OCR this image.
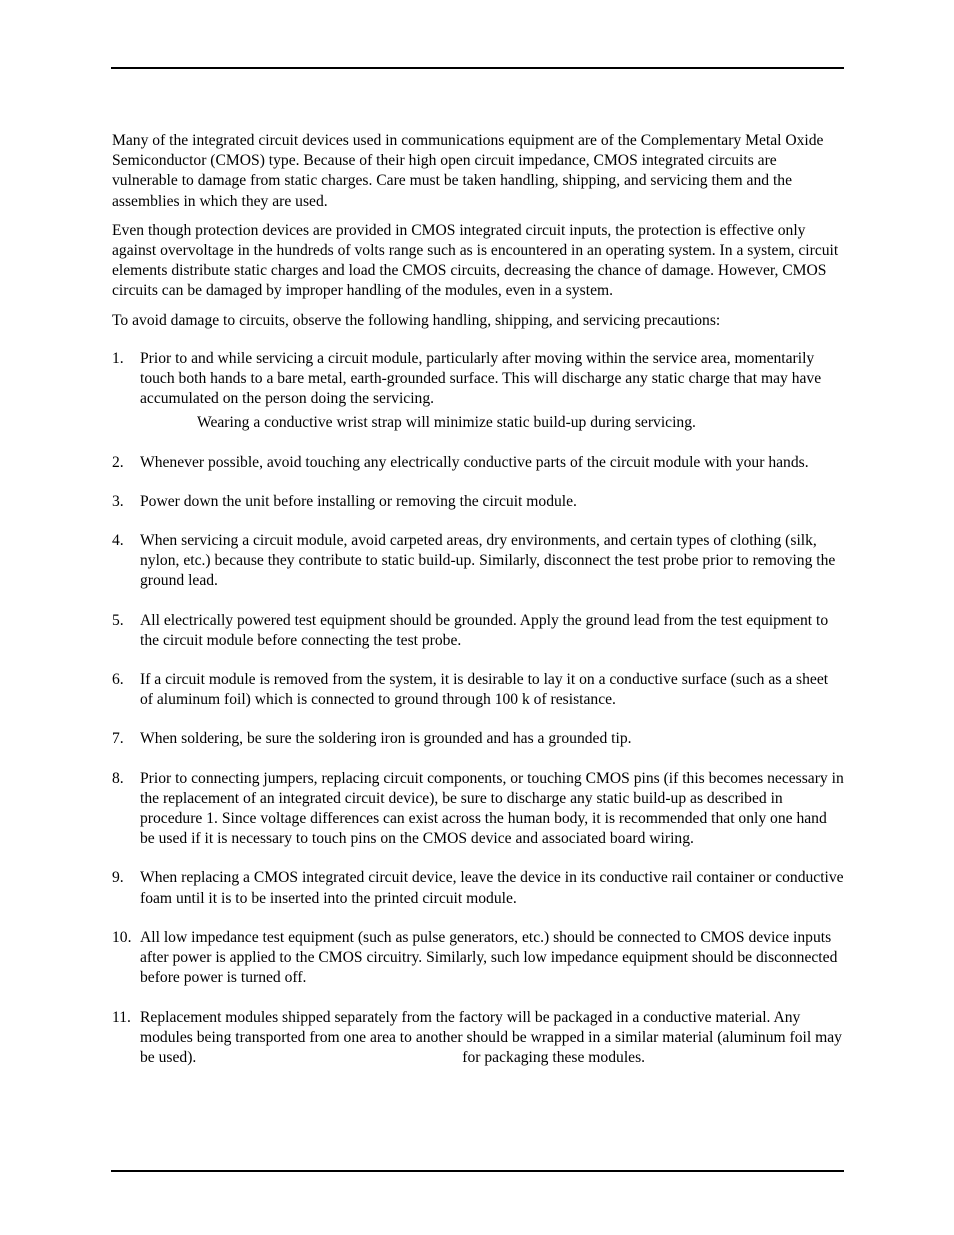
Many of the integrated circuit devices used in communications equipment are of the Complementary Metal Oxide Semiconductor (CMOS) type. Because of their high open circuit impedance, CMOS integrated circuits are vulnerable to damage from static charges. Care must be taken handling, shipping, and servicing them and the assemblies in which they are used.

Even though protection devices are provided in CMOS integrated circuit inputs, the protection is effective only against overvoltage in the hundreds of volts range such as is encountered in an operating system. In a system, circuit elements distribute static charges and load the CMOS circuits, decreasing the chance of damage. However, CMOS circuits can be damaged by improper handling of the modules, even in a system.

To avoid damage to circuits, observe the following handling, shipping, and servicing precautions:

1. Prior to and while servicing a circuit module, particularly after moving within the service area, momentarily touch both hands to a bare metal, earth-grounded surface. This will discharge any static charge that may have accumulated on the person doing the servicing.
Wearing a conductive wrist strap will minimize static build-up during servicing.
2. Whenever possible, avoid touching any electrically conductive parts of the circuit module with your hands.
3. Power down the unit before installing or removing the circuit module.
4. When servicing a circuit module, avoid carpeted areas, dry environments, and certain types of clothing (silk, nylon, etc.) because they contribute to static build-up. Similarly, disconnect the test probe prior to removing the ground lead.
5. All electrically powered test equipment should be grounded. Apply the ground lead from the test equipment to the circuit module before connecting the test probe.
6. If a circuit module is removed from the system, it is desirable to lay it on a conductive surface (such as a sheet of aluminum foil) which is connected to ground through 100 k of resistance.
7. When soldering, be sure the soldering iron is grounded and has a grounded tip.
8. Prior to connecting jumpers, replacing circuit components, or touching CMOS pins (if this becomes necessary in the replacement of an integrated circuit device), be sure to discharge any static build-up as described in procedure 1. Since voltage differences can exist across the human body, it is recommended that only one hand be used if it is necessary to touch pins on the CMOS device and associated board wiring.
9. When replacing a CMOS integrated circuit device, leave the device in its conductive rail container or conductive foam until it is to be inserted into the printed circuit module.
10. All low impedance test equipment (such as pulse generators, etc.) should be connected to CMOS device inputs after power is applied to the CMOS circuitry. Similarly, such low impedance equipment should be disconnected before power is turned off.
11. Replacement modules shipped separately from the factory will be packaged in a conductive material. Any modules being transported from one area to another should be wrapped in a similar material (aluminum foil may be used).	for packaging these modules.
